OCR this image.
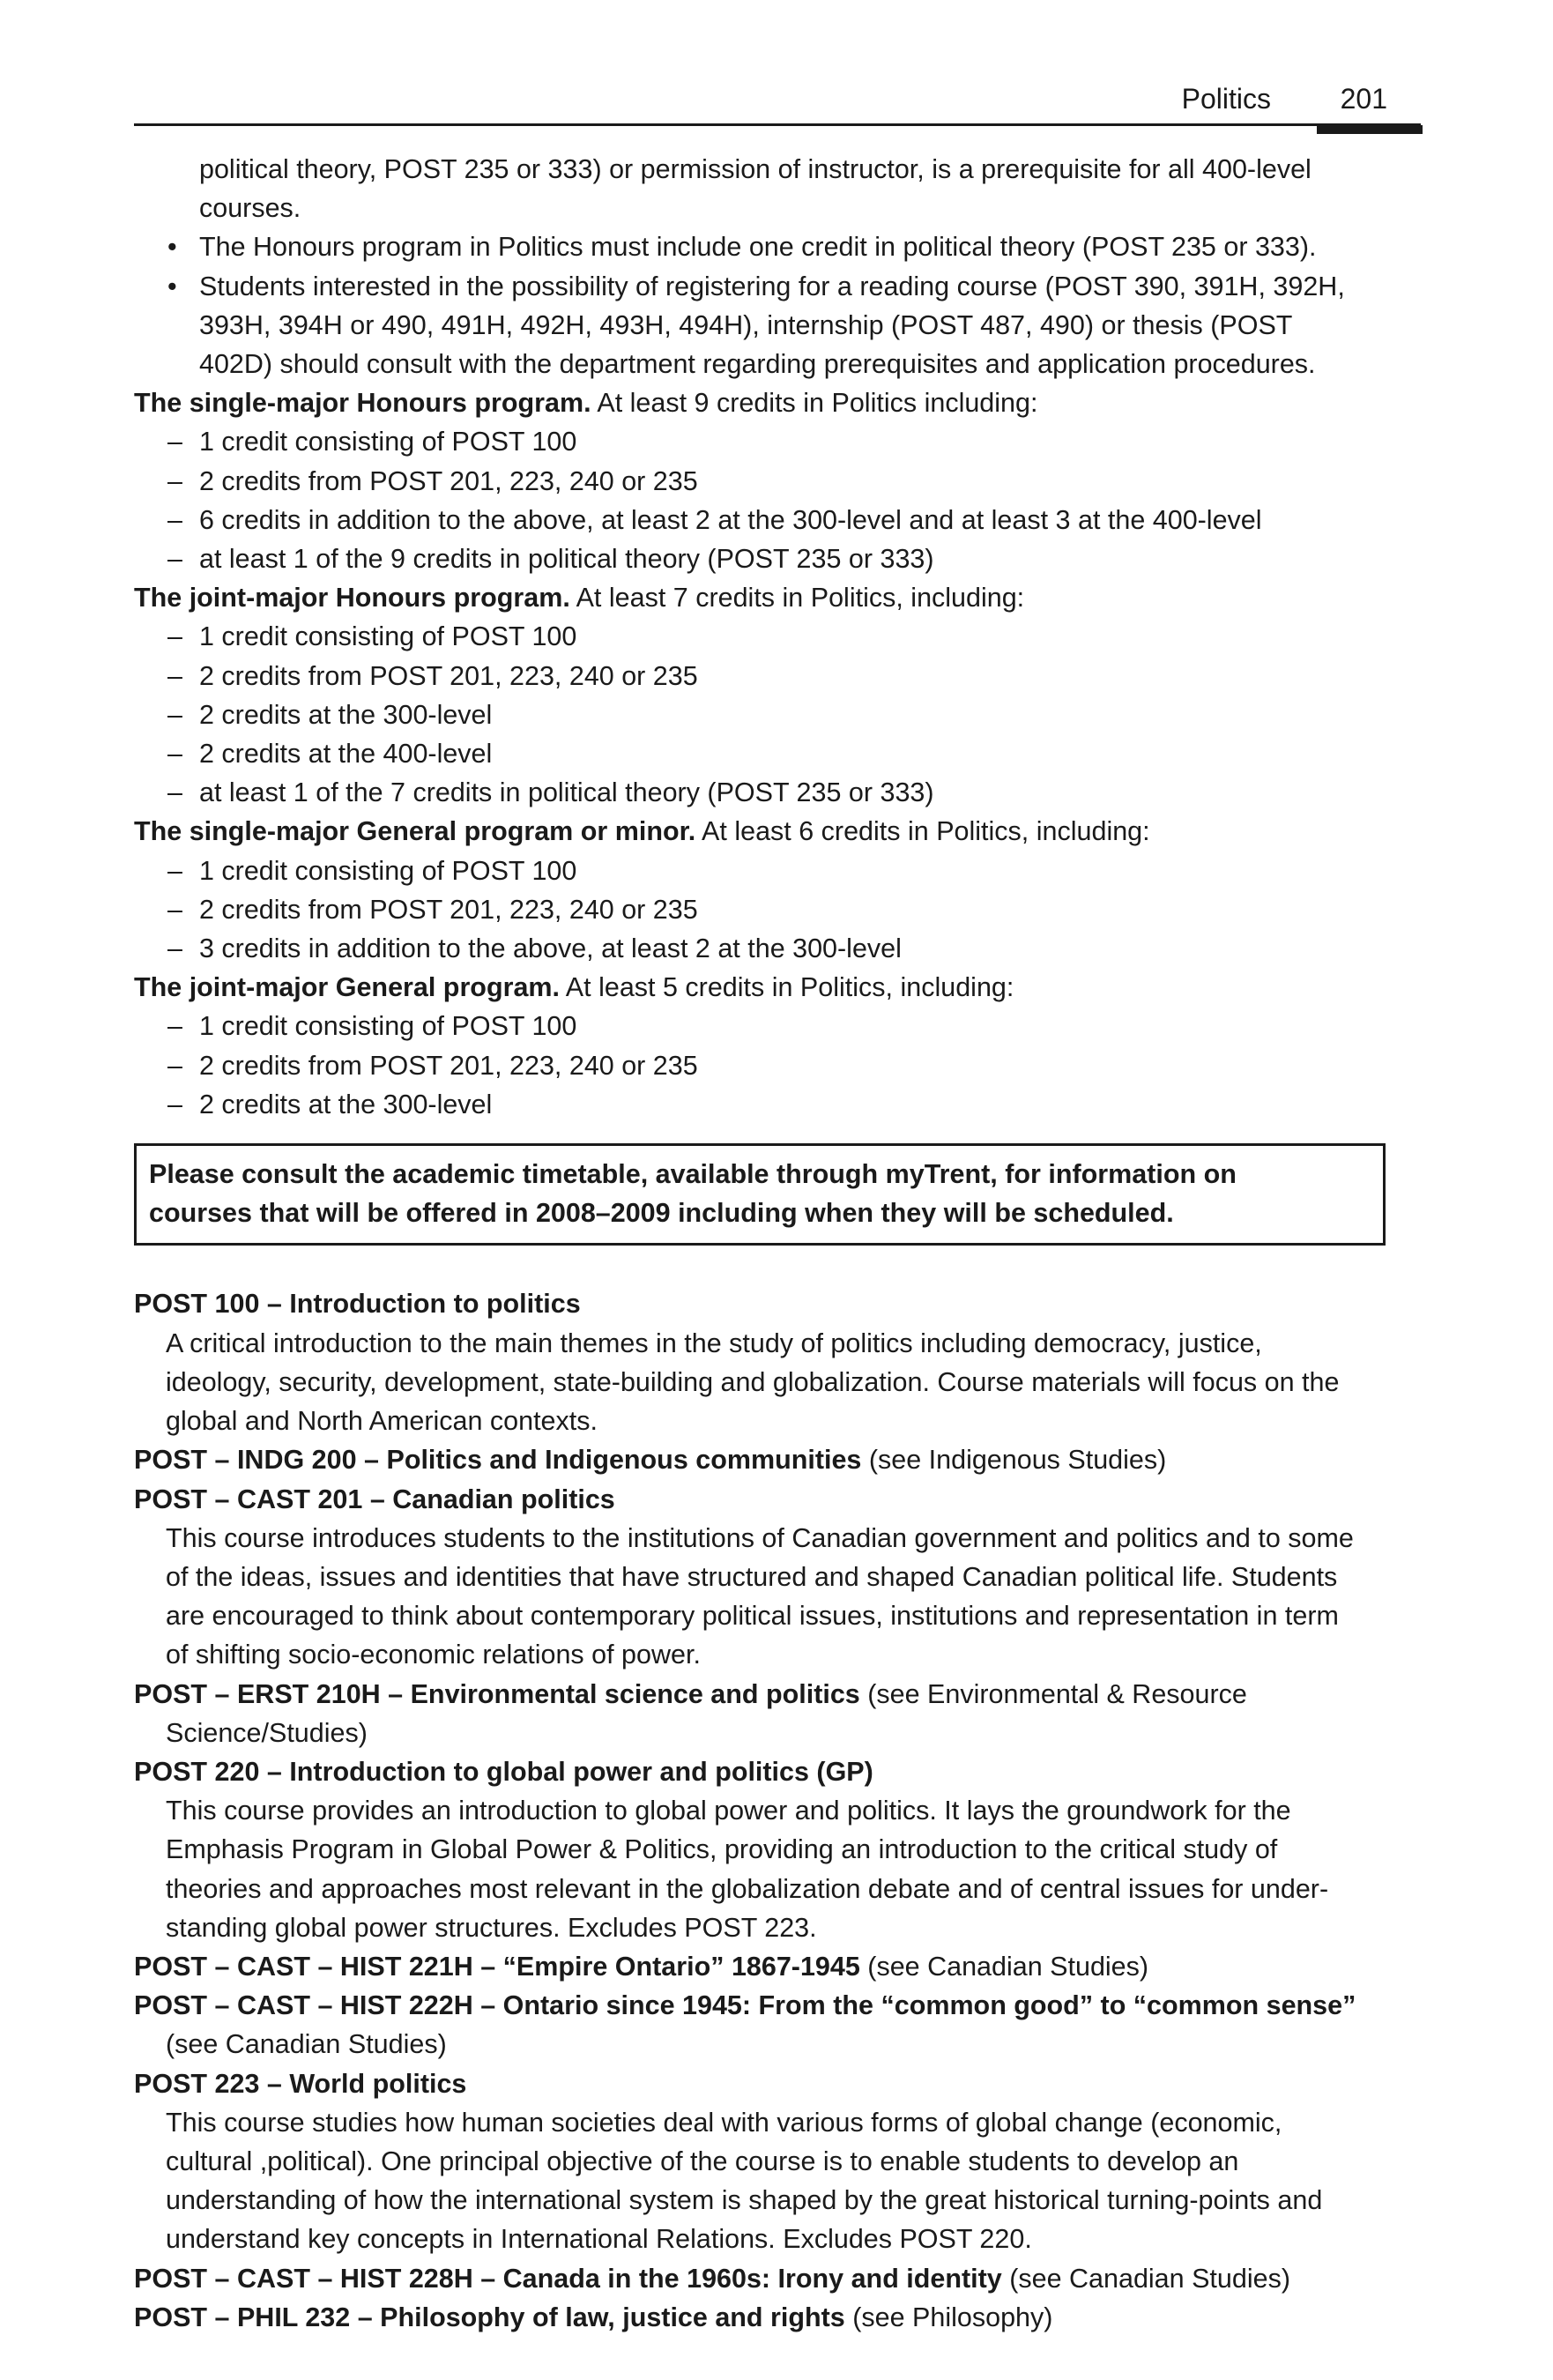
Politics 201
political theory, POST 235 or 333) or permission of instructor, is a prerequisite for all 400-level
courses.
• The Honours program in Politics must include one credit in political theory (POST 235 or 333).
• Students interested in the possibility of registering for a reading course (POST 390, 391H, 392H,
393H, 394H or 490, 491H, 492H, 493H, 494H), internship (POST 487, 490) or thesis (POST
402D) should consult with the department regarding prerequisites and application procedures.
The single-major Honours program. At least 9 credits in Politics including:
– 1 credit consisting of POST 100
– 2 credits from POST 201, 223, 240 or 235
– 6 credits in addition to the above, at least 2 at the 300-level and at least 3 at the 400-level
– at least 1 of the 9 credits in political theory (POST 235 or 333)
The joint-major Honours program. At least 7 credits in Politics, including:
– 1 credit consisting of POST 100
– 2 credits from POST 201, 223, 240 or 235
– 2 credits at the 300-level
– 2 credits at the 400-level
– at least 1 of the 7 credits in political theory (POST 235 or 333)
The single-major General program or minor. At least 6 credits in Politics, including:
– 1 credit consisting of POST 100
– 2 credits from POST 201, 223, 240 or 235
– 3 credits in addition to the above, at least 2 at the 300-level
The joint-major General program. At least 5 credits in Politics, including:
– 1 credit consisting of POST 100
– 2 credits from POST 201, 223, 240 or 235
– 2 credits at the 300-level
Please consult the academic timetable, available through myTrent, for information on
courses that will be offered in 2008–2009 including when they will be scheduled.
POST 100 – Introduction to politics
A critical introduction to the main themes in the study of politics including democracy, justice,
ideology, security, development, state-building and globalization. Course materials will focus on the
global and North American contexts.
POST – INDG 200 – Politics and Indigenous communities (see Indigenous Studies)
POST – CAST 201 – Canadian politics
This course introduces students to the institutions of Canadian government and politics and to some
of the ideas, issues and identities that have structured and shaped Canadian political life. Students
are encouraged to think about contemporary political issues, institutions and representation in term
of shifting socio-economic relations of power.
POST – ERST 210H – Environmental science and politics (see Environmental & Resource
Science/Studies)
POST 220 – Introduction to global power and politics (GP)
This course provides an introduction to global power and politics. It lays the groundwork for the
Emphasis Program in Global Power & Politics, providing an introduction to the critical study of
theories and approaches most relevant in the globalization debate and of central issues for under-
standing global power structures. Excludes POST 223.
POST – CAST – HIST 221H – “Empire Ontario” 1867-1945 (see Canadian Studies)
POST – CAST – HIST 222H – Ontario since 1945: From the “common good” to “common sense”
(see Canadian Studies)
POST 223 – World politics
This course studies how human societies deal with various forms of global change (economic,
cultural ,political). One principal objective of the course is to enable students to develop an
understanding of how the international system is shaped by the great historical turning-points and
understand key concepts in International Relations. Excludes POST 220.
POST – CAST – HIST 228H – Canada in the 1960s: Irony and identity (see Canadian Studies)
POST – PHIL 232 – Philosophy of law, justice and rights (see Philosophy)
